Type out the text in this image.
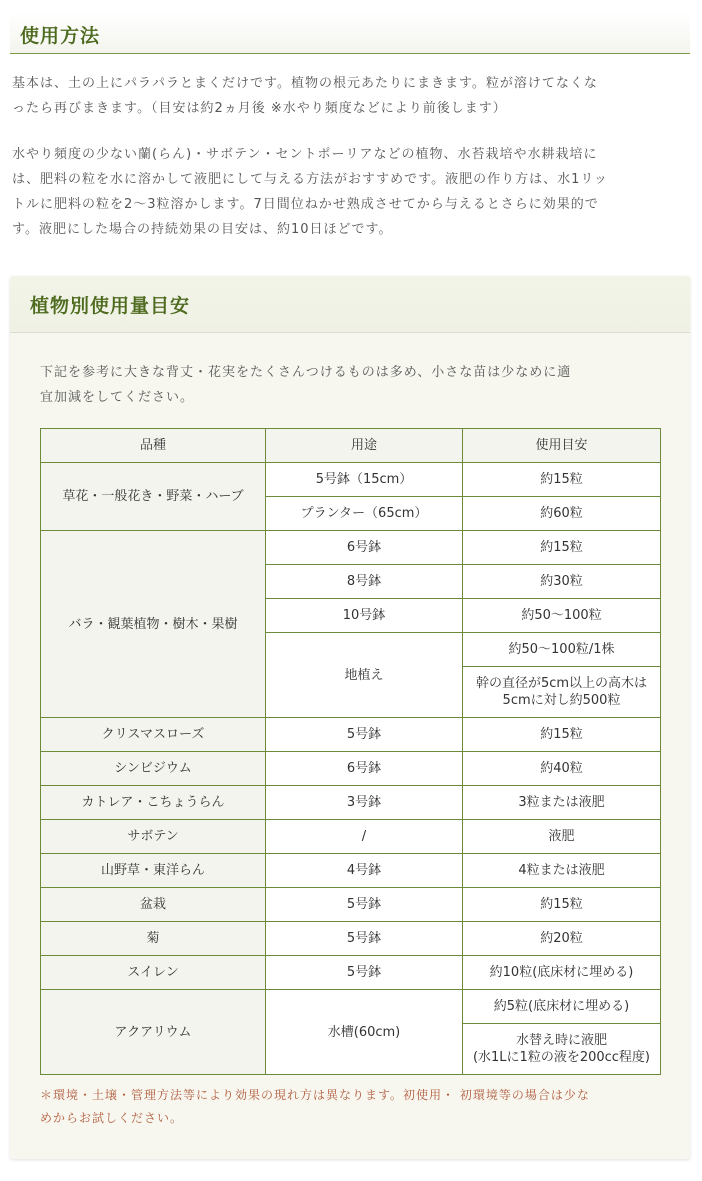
使用方法
基本は、土の上にパラパラとまくだけです。植物の根元あたりにまきます。粒が溶けてなくな
ったら再びまきます。（目安は約2ヵ月後 ※水やり頻度などにより前後します）
水やり頻度の少ない蘭(らん)・サボテン・セントポーリアなどの植物、水苔栽培や水耕栽培に
は、肥料の粒を水に溶かして液肥にして与える方法がおすすめです。液肥の作り方は、水1リッ
トルに肥料の粒を2～3粒溶かします。7日間位ねかせ熟成させてから与えるとさらに効果的で
す。液肥にした場合の持続効果の目安は、約10日ほどです。
植物別使用量目安
下記を参考に大きな背丈・花実をたくさんつけるものは多め、小さな苗は少なめに適
宜加減をしてください。
品種	用途	使用目安
草花・一般花き・野菜・ハーブ	5号鉢（15cm）	約15粒
	プランター（65cm）	約60粒
バラ・観葉植物・樹木・果樹	6号鉢	約15粒
	8号鉢	約30粒
	10号鉢	約50～100粒
	地植え	約50～100粒/1株

		幹の直径が5cm以上の高木は
5cmに対し約500粒

クリスマスローズ	5号鉢	約15粒
シンビジウム	6号鉢	約40粒
カトレア・こちょうらん	3号鉢	3粒または液肥
サボテン	/	液肥
山野草・東洋らん	4号鉢	4粒または液肥
盆栽	5号鉢	約15粒
菊	5号鉢	約20粒
スイレン	5号鉢	約10粒(底床材に埋める)
アクアリウム	水槽(60cm)	約5粒(底床材に埋める)

		水替え時に液肥
(水1Lに1粒の液を200cc程度)
＊環境・土壌・管理方法等により効果の現れ方は異なります。初使用・ 初環境等の場合は少な
めからお試しください。
